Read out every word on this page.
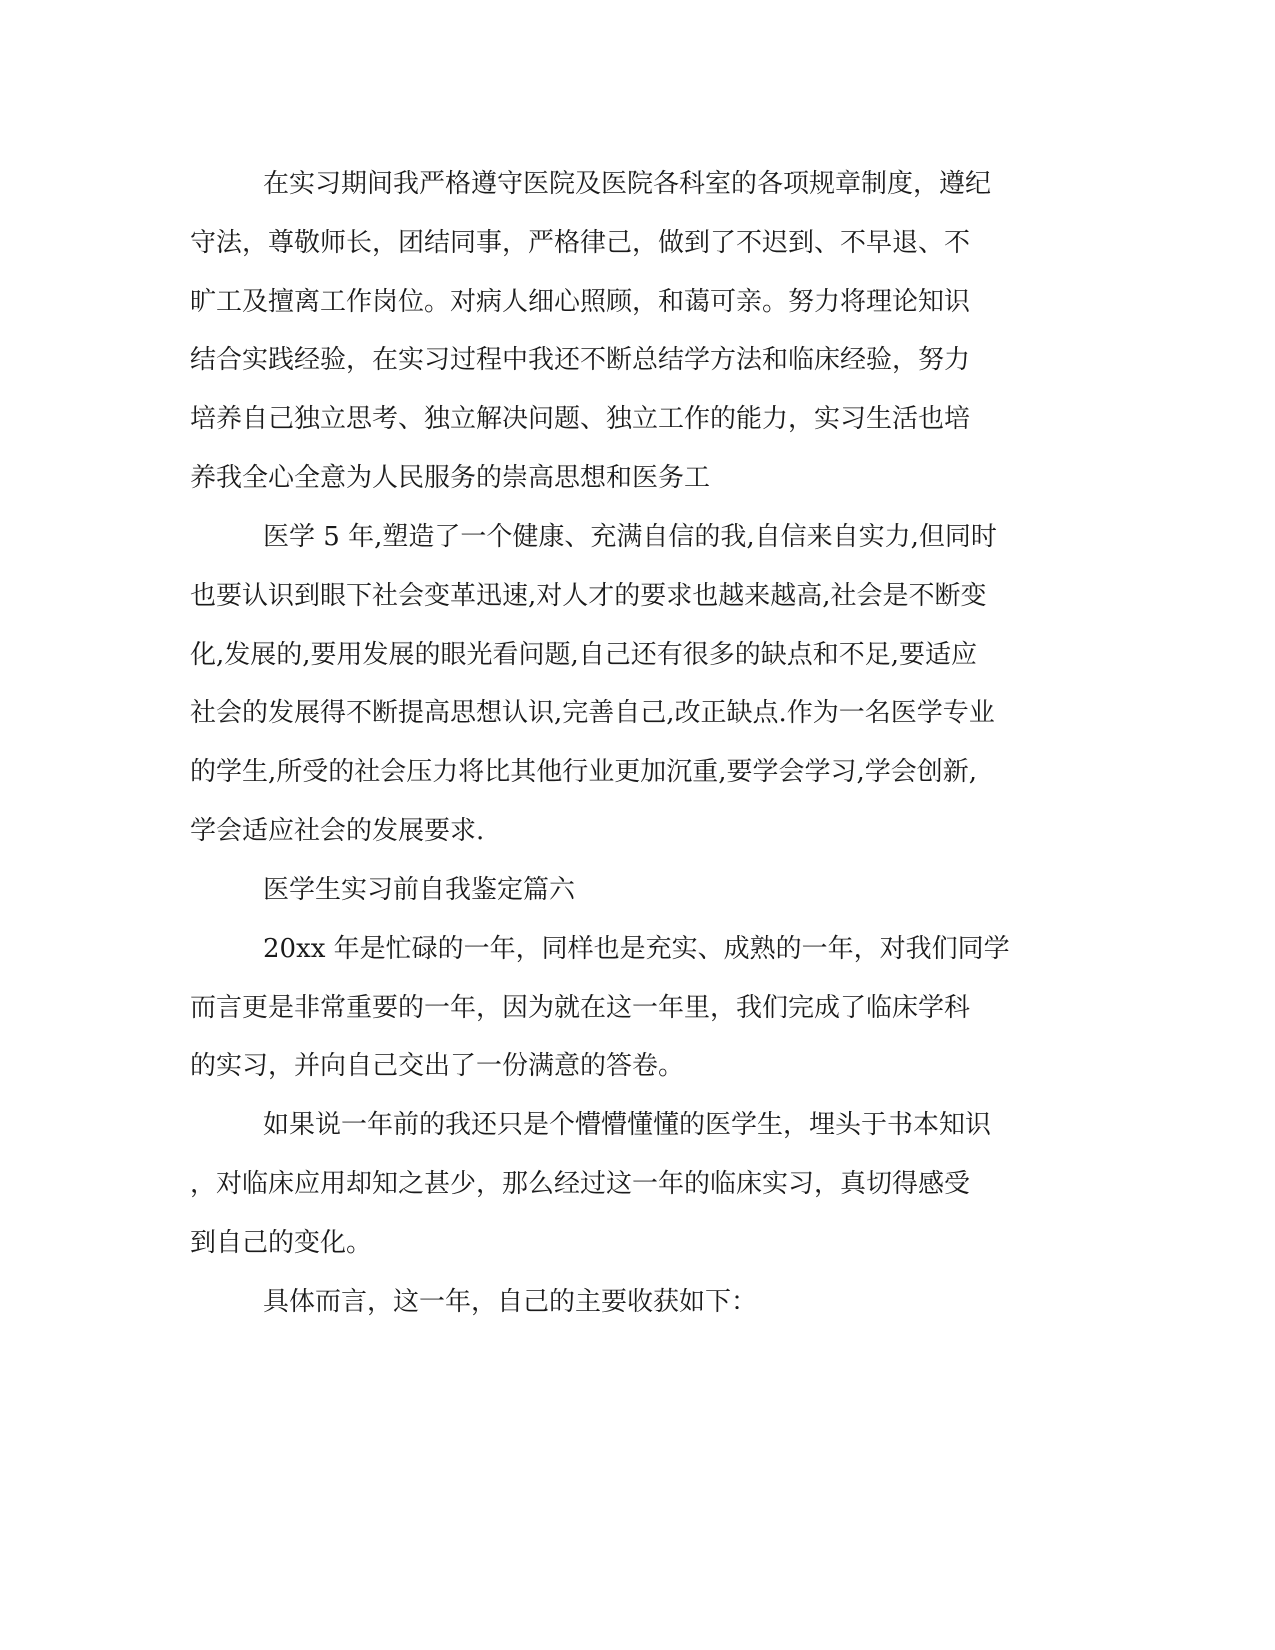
在实习期间我严格遵守医院及医院各科室的各项规章制度，遵纪
守法，尊敬师长，团结同事，严格律己，做到了不迟到、不早退、不
旷工及擅离工作岗位。对病人细心照顾，和蔼可亲。努力将理论知识
结合实践经验，在实习过程中我还不断总结学方法和临床经验，努力
培养自己独立思考、独立解决问题、独立工作的能力，实习生活也培
养我全心全意为人民服务的崇高思想和医务工
医学 5 年,塑造了一个健康、充满自信的我,自信来自实力,但同时
也要认识到眼下社会变革迅速,对人才的要求也越来越高,社会是不断变
化,发展的,要用发展的眼光看问题,自己还有很多的缺点和不足,要适应
社会的发展得不断提高思想认识,完善自己,改正缺点.作为一名医学专业
的学生,所受的社会压力将比其他行业更加沉重,要学会学习,学会创新,
学会适应社会的发展要求.
医学生实习前自我鉴定篇六
20xx 年是忙碌的一年，同样也是充实、成熟的一年，对我们同学
而言更是非常重要的一年，因为就在这一年里，我们完成了临床学科
的实习，并向自己交出了一份满意的答卷。
如果说一年前的我还只是个懵懵懂懂的医学生，埋头于书本知识
，对临床应用却知之甚少，那么经过这一年的临床实习，真切得感受
到自己的变化。
具体而言，这一年，自己的主要收获如下：
